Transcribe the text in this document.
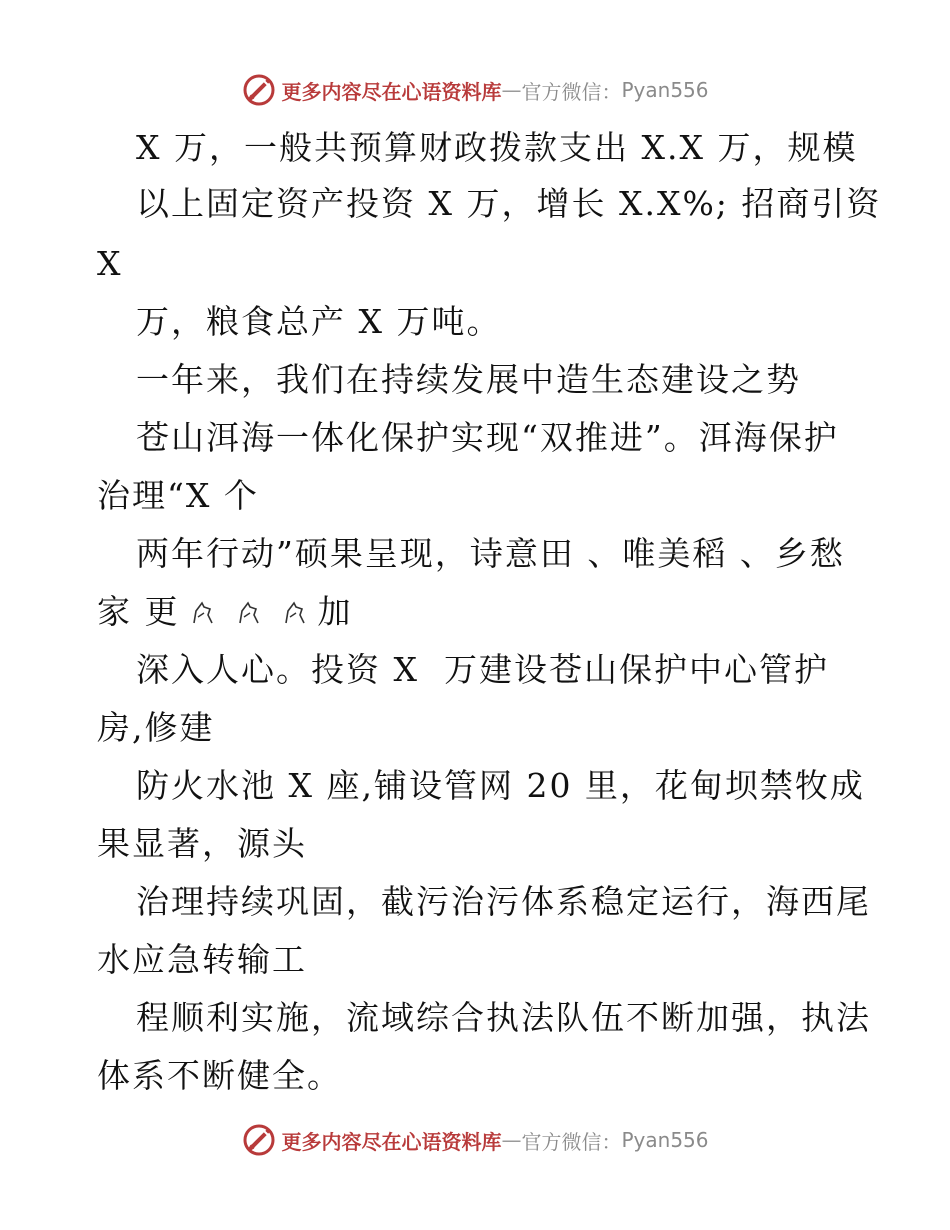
更多内容尽在心语资料库 — 官方微信： Pyan556
X 万，一般共预算财政拨款支出 X.X 万，规模
以上固定资产投资 X 万，增长 X.X%; 招商引资
X
万，粮食总产 X 万吨。
一年来，我们在持续发展中造生态建设之势
苍山洱海一体化保护实现“双推进”。洱海保护
治理“X 个
两年行动”硕果呈现，诗意田 、唯美稻 、乡愁
家 更	加
深入人心。投资 X  万建设苍山保护中心管护
房,修建
防火水池 X 座,铺设管网 20 里，花甸坝禁牧成
果显著，源头
治理持续巩固，截污治污体系稳定运行，海西尾
水应急转输工
程顺利实施，流域综合执法队伍不断加强，执法
体系不断健全。
更多内容尽在心语资料库 — 官方微信： Pyan556
